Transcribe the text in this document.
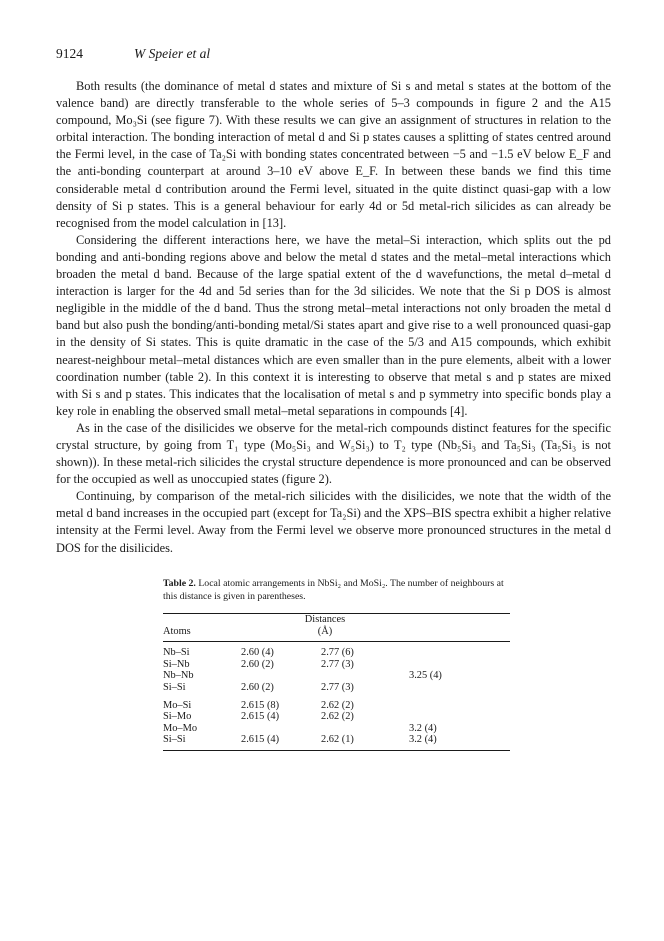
9124	W Speier et al

Both results (the dominance of metal d states and mixture of Si s and metal s states at the bottom of the valence band) are directly transferable to the whole series of 5–3 compounds in figure 2 and the A15 compound, Mo₃Si (see figure 7). With these results we can give an assignment of structures in relation to the orbital interaction. The bonding interaction of metal d and Si p states causes a splitting of states centred around the Fermi level, in the case of Ta₂Si with bonding states concentrated between −5 and −1.5 eV below E_F and the anti-bonding counterpart at around 3–10 eV above E_F. In between these bands we find this time considerable metal d contribution around the Fermi level, situated in the quite distinct quasi-gap with a low density of Si p states. This is a general behaviour for early 4d or 5d metal-rich silicides as can already be recognised from the model calculation in [13].

Considering the different interactions here, we have the metal–Si interaction, which splits out the pd bonding and anti-bonding regions above and below the metal d states and the metal–metal interactions which broaden the metal d band. Because of the large spatial extent of the d wavefunctions, the metal d–metal d interaction is larger for the 4d and 5d series than for the 3d silicides. We note that the Si p DOS is almost negligible in the middle of the d band. Thus the strong metal–metal interactions not only broaden the metal d band but also push the bonding/anti-bonding metal/Si states apart and give rise to a well pronounced quasi-gap in the density of Si states. This is quite dramatic in the case of the 5/3 and A15 compounds, which exhibit nearest-neighbour metal–metal distances which are even smaller than in the pure elements, albeit with a lower coordination number (table 2). In this context it is interesting to observe that metal s and p states are mixed with Si s and p states. This indicates that the localisation of metal s and p symmetry into specific bonds play a key role in enabling the observed small metal–metal separations in compounds [4].

As in the case of the disilicides we observe for the metal-rich compounds distinct features for the specific crystal structure, by going from T₁ type (Mo₅Si₃ and W₅Si₃) to T₂ type (Nb₅Si₃ and Ta₅Si₃ (Ta₅Si₃ is not shown)). In these metal-rich silicides the crystal structure dependence is more pronounced and can be observed for the occupied as well as unoccupied states (figure 2).

Continuing, by comparison of the metal-rich silicides with the disilicides, we note that the width of the metal d band increases in the occupied part (except for Ta₂Si) and the XPS–BIS spectra exhibit a higher relative intensity at the Fermi level. Away from the Fermi level we observe more pronounced structures in the metal d DOS for the disilicides.

Table 2. Local atomic arrangements in NbSi₂ and MoSi₂. The number of neighbours at this distance is given in parentheses.
	Distances		
Atoms	(Å)		
Nb–Si	2.60 (4)	2.77 (6)	
Si–Nb	2.60 (2)	2.77 (3)	
Nb–Nb			3.25 (4)
Si–Si	2.60 (2)	2.77 (3)	
Mo–Si	2.615 (8)	2.62 (2)	
Si–Mo	2.615 (4)	2.62 (2)	
Mo–Mo			3.2 (4)
Si–Si	2.615 (4)	2.62 (1)	3.2 (4)
